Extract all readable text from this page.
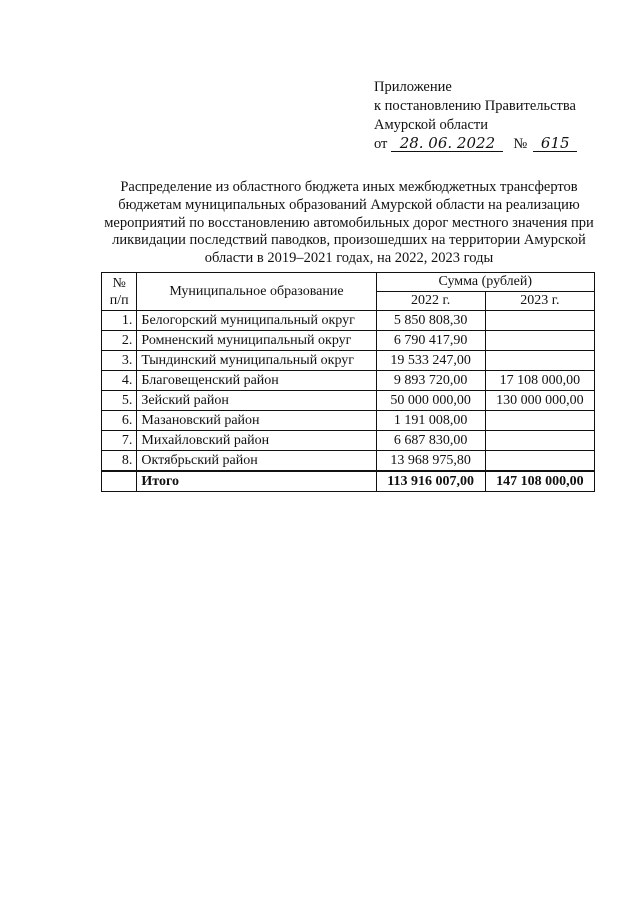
Приложение
к постановлению Правительства
Амурской области
от 28. 06. 2022 № 615
Распределение из областного бюджета иных межбюджетных трансфертов
бюджетам муниципальных образований Амурской области на реализацию
мероприятий по восстановлению автомобильных дорог местного значения при
ликвидации последствий паводков, произошедших на территории Амурской
области в 2019–2021 годах, на 2022, 2023 годы
№
п/п	Муниципальное образование	Сумма (рублей)	
		2022 г.	2023 г.
1.	Белогорский муниципальный округ	5 850 808,30	
2.	Ромненский муниципальный округ	6 790 417,90	
3.	Тындинский муниципальный округ	19 533 247,00	
4.	Благовещенский район	9 893 720,00	17 108 000,00
5.	Зейский район	50 000 000,00	130 000 000,00
6.	Мазановский район	1 191 008,00	
7.	Михайловский район	6 687 830,00	
8.	Октябрьский район	13 968 975,80	
	Итого	113 916 007,00	147 108 000,00
